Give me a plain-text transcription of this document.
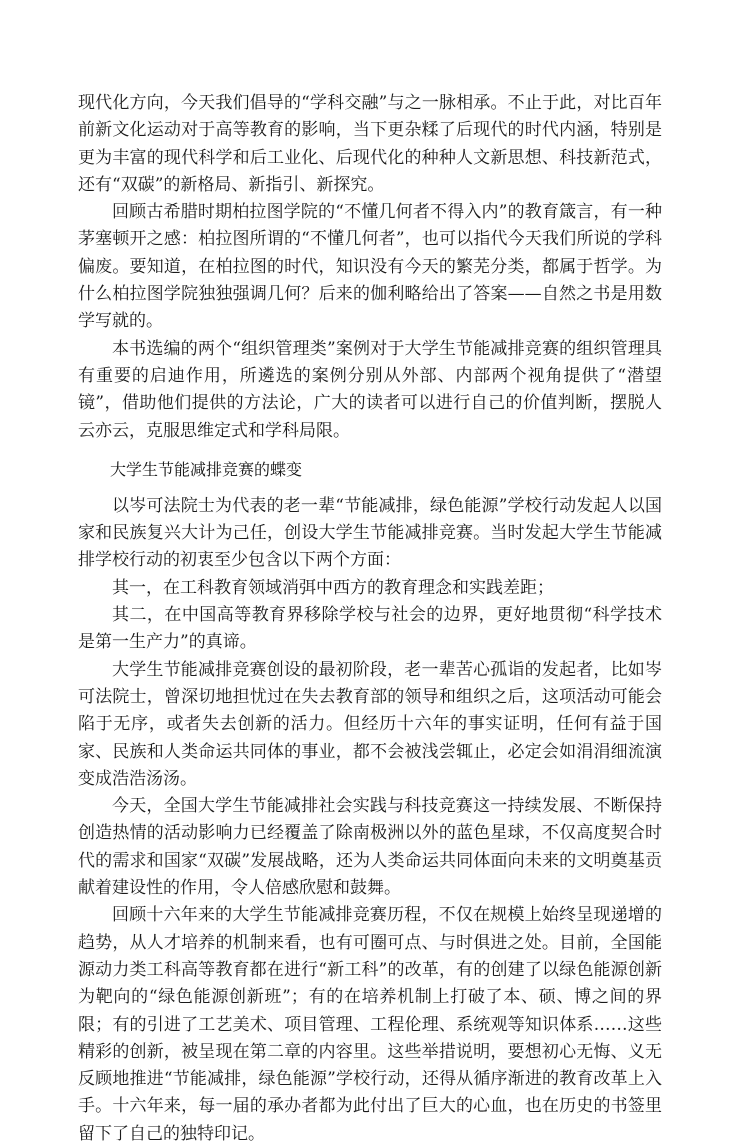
现代化方向，今天我们倡导的“学科交融”与之一脉相承。不止于此，对比百年前新文化运动对于高等教育的影响，当下更杂糅了后现代的时代内涵，特别是更为丰富的现代科学和后工业化、后现代化的种种人文新思想、科技新范式，还有“双碳”的新格局、新指引、新探究。

回顾古希腊时期柏拉图学院的“不懂几何者不得入内”的教育箴言，有一种茅塞顿开之感：柏拉图所谓的“不懂几何者”，也可以指代今天我们所说的学科偏废。要知道，在柏拉图的时代，知识没有今天的繁芜分类，都属于哲学。为什么柏拉图学院独独强调几何？后来的伽利略给出了答案——自然之书是用数学写就的。

本书选编的两个“组织管理类”案例对于大学生节能减排竞赛的组织管理具有重要的启迪作用，所遴选的案例分别从外部、内部两个视角提供了“潜望镜”，借助他们提供的方法论，广大的读者可以进行自己的价值判断，摆脱人云亦云，克服思维定式和学科局限。

大学生节能减排竞赛的蝶变

以岑可法院士为代表的老一辈“节能减排，绿色能源”学校行动发起人以国家和民族复兴大计为己任，创设大学生节能减排竞赛。当时发起大学生节能减排学校行动的初衷至少包含以下两个方面：

其一，在工科教育领域消弭中西方的教育理念和实践差距；

其二，在中国高等教育界移除学校与社会的边界，更好地贯彻“科学技术是第一生产力”的真谛。

大学生节能减排竞赛创设的最初阶段，老一辈苦心孤诣的发起者，比如岑可法院士，曾深切地担忧过在失去教育部的领导和组织之后，这项活动可能会陷于无序，或者失去创新的活力。但经历十六年的事实证明，任何有益于国家、民族和人类命运共同体的事业，都不会被浅尝辄止，必定会如涓涓细流演变成浩浩汤汤。

今天，全国大学生节能减排社会实践与科技竞赛这一持续发展、不断保持创造热情的活动影响力已经覆盖了除南极洲以外的蓝色星球，不仅高度契合时代的需求和国家“双碳”发展战略，还为人类命运共同体面向未来的文明奠基贡献着建设性的作用，令人倍感欣慰和鼓舞。

回顾十六年来的大学生节能减排竞赛历程，不仅在规模上始终呈现递增的趋势，从人才培养的机制来看，也有可圈可点、与时俱进之处。目前，全国能源动力类工科高等教育都在进行“新工科”的改革，有的创建了以绿色能源创新为靶向的“绿色能源创新班”；有的在培养机制上打破了本、硕、博之间的界限；有的引进了工艺美术、项目管理、工程伦理、系统观等知识体系……这些精彩的创新，被呈现在第二章的内容里。这些举措说明，要想初心无悔、义无反顾地推进“节能减排，绿色能源”学校行动，还得从循序渐进的教育改革上入手。十六年来，每一届的承办者都为此付出了巨大的心血，也在历史的书签里留下了自己的独特印记。
